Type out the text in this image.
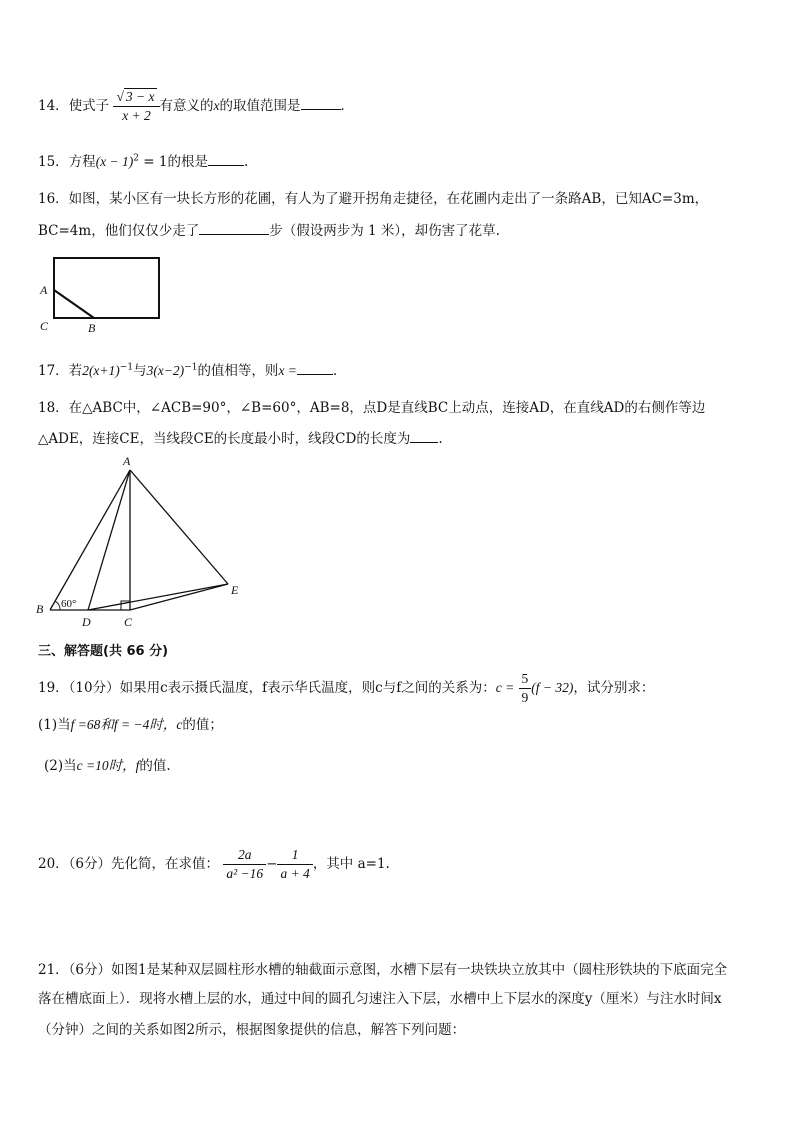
14．使式子 $\frac{√ 3 - x}{x + 2}$ 有意义的x的取值范围是	．
15．方程$(x - 1)^2 = 1$的根是	.
16．如图，某小区有一块长方形的花圃，有人为了避开拐角走捷径，在花圃内走出了一条路AB，已知AC=3m，
BC=4m，他们仅仅少走了	步（假设两步为 1 米），却伤害了花草.
A
C	B
17．若$2(x+1)^{-1}$与$3(x-2)^{-1}$的值相等，则x =	.
18．在△ABC中，∠ACB=90°，∠B=60°，AB=8，点D是直线BC上动点，连接AD，在直线AD的右侧作等边
△ADE，连接CE，当线段CE的长度最小时，线段CD的长度为 .
A
B
D	C
E
60°
三、解答题(共 66 分)
19．（10分）如果用c表示摄氏温度，f表示华氏温度，则c与f之间的关系为：$c = \frac{5}{9} (f - 32)$，试分别求：
(1)当f =68和f = −4时，c的值；
(2)当c =10时，f的值.
20．（6分）先化简，在求值： $\frac{2a}{\text{a² −16}} - \frac{1}{a + 4}$ ，其中 a=1.
21．（6分）如图1是某种双层圆柱形水槽的轴截面示意图，水槽下层有一块铁块立放其中（圆柱形铁块的下底面完全
落在槽底面上）．现将水槽上层的水，通过中间的圆孔匀速注入下层，水槽中上下层水的深度y（厘米）与注水时间x
（分钟）之间的关系如图2所示，根据图象提供的信息，解答下列问题：
